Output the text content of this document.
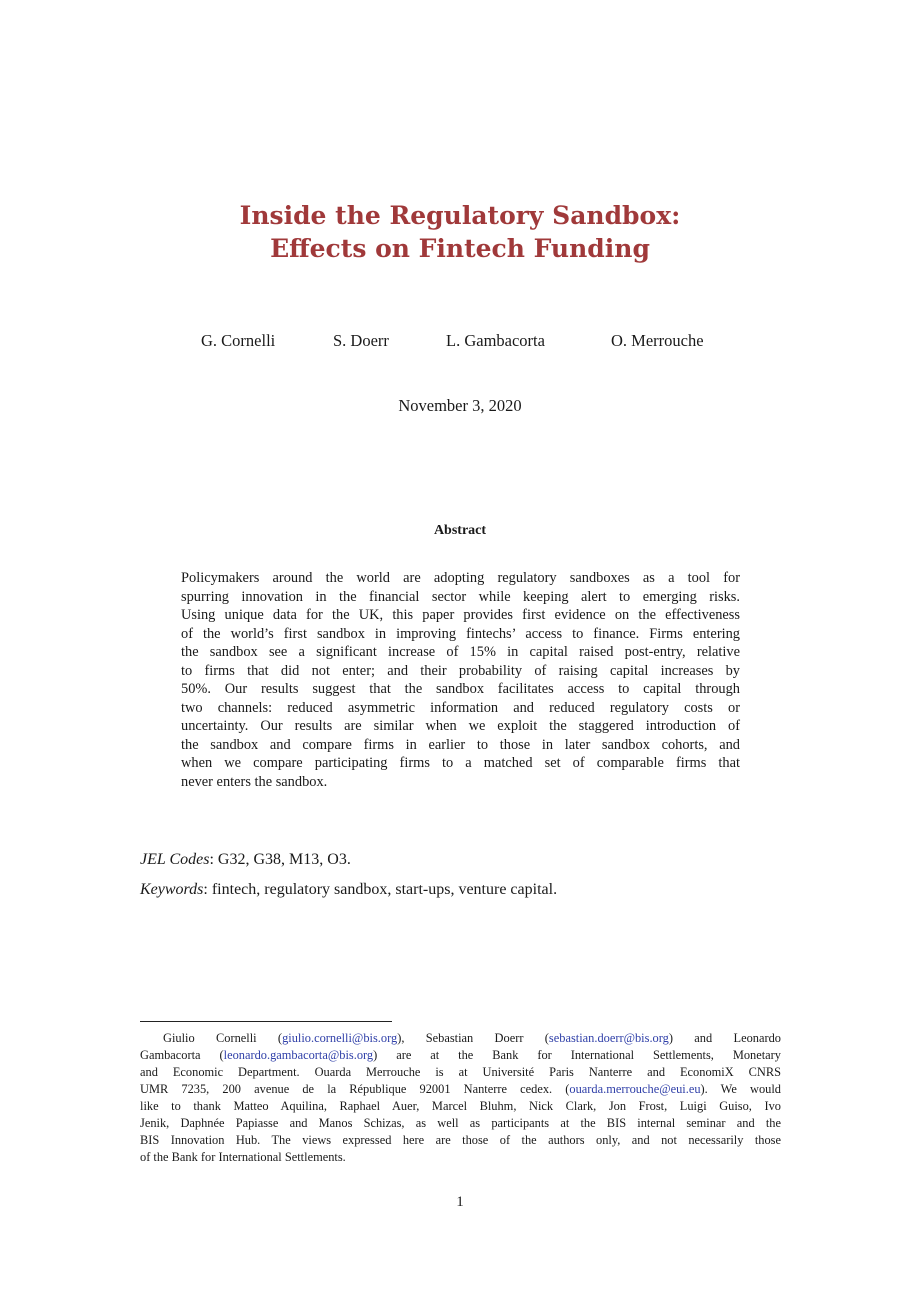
Inside the Regulatory Sandbox:
Effects on Fintech Funding
G. Cornelli	S. Doerr	L. Gambacorta	O. Merrouche
November 3, 2020
Abstract
Policymakers around the world are adopting regulatory sandboxes as a tool for
spurring innovation in the financial sector while keeping alert to emerging risks.
Using unique data for the UK, this paper provides first evidence on the effectiveness
of the world’s first sandbox in improving fintechs’ access to finance. Firms entering
the sandbox see a significant increase of 15% in capital raised post-entry, relative
to firms that did not enter; and their probability of raising capital increases by
50%. Our results suggest that the sandbox facilitates access to capital through
two channels: reduced asymmetric information and reduced regulatory costs or
uncertainty. Our results are similar when we exploit the staggered introduction of
the sandbox and compare firms in earlier to those in later sandbox cohorts, and
when we compare participating firms to a matched set of comparable firms that
never enters the sandbox.
JEL Codes: G32, G38, M13, O3.
Keywords: fintech, regulatory sandbox, start-ups, venture capital.
Giulio Cornelli (giulio.cornelli@bis.org), Sebastian Doerr (sebastian.doerr@bis.org) and Leonardo
Gambacorta (leonardo.gambacorta@bis.org) are at the Bank for International Settlements, Monetary
and Economic Department. Ouarda Merrouche is at Université Paris Nanterre and EconomiX CNRS
UMR 7235, 200 avenue de la République 92001 Nanterre cedex. (ouarda.merrouche@eui.eu). We would
like to thank Matteo Aquilina, Raphael Auer, Marcel Bluhm, Nick Clark, Jon Frost, Luigi Guiso, Ivo
Jenik, Daphnée Papiasse and Manos Schizas, as well as participants at the BIS internal seminar and the
BIS Innovation Hub. The views expressed here are those of the authors only, and not necessarily those
of the Bank for International Settlements.
1
